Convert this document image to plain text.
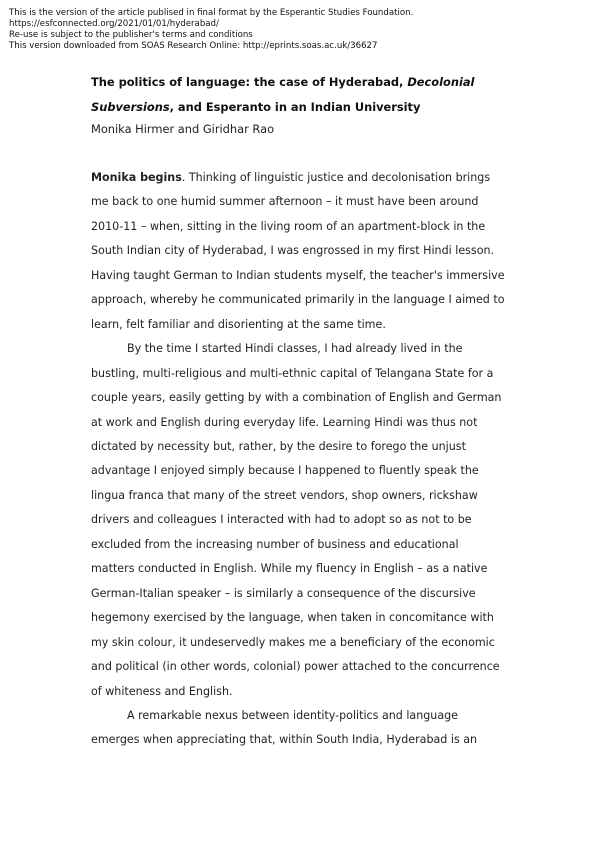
This is the version of the article publised in final format by the Esperantic Studies Foundation.
https://esfconnected.org/2021/01/01/hyderabad/
Re-use is subject to the publisher's terms and conditions
This version downloaded from SOAS Research Online: http://eprints.soas.ac.uk/36627
The politics of language: the case of Hyderabad, Decolonial
Subversions, and Esperanto in an Indian University
Monika Hirmer and Giridhar Rao
Monika begins. Thinking of linguistic justice and decolonisation brings
me back to one humid summer afternoon – it must have been around
2010-11 – when, sitting in the living room of an apartment-block in the
South Indian city of Hyderabad, I was engrossed in my first Hindi lesson.
Having taught German to Indian students myself, the teacher's immersive
approach, whereby he communicated primarily in the language I aimed to
learn, felt familiar and disorienting at the same time.
By the time I started Hindi classes, I had already lived in the
bustling, multi-religious and multi-ethnic capital of Telangana State for a
couple years, easily getting by with a combination of English and German
at work and English during everyday life. Learning Hindi was thus not
dictated by necessity but, rather, by the desire to forego the unjust
advantage I enjoyed simply because I happened to fluently speak the
lingua franca that many of the street vendors, shop owners, rickshaw
drivers and colleagues I interacted with had to adopt so as not to be
excluded from the increasing number of business and educational
matters conducted in English. While my fluency in English – as a native
German-Italian speaker – is similarly a consequence of the discursive
hegemony exercised by the language, when taken in concomitance with
my skin colour, it undeservedly makes me a beneficiary of the economic
and political (in other words, colonial) power attached to the concurrence
of whiteness and English.
A remarkable nexus between identity-politics and language
emerges when appreciating that, within South India, Hyderabad is an
